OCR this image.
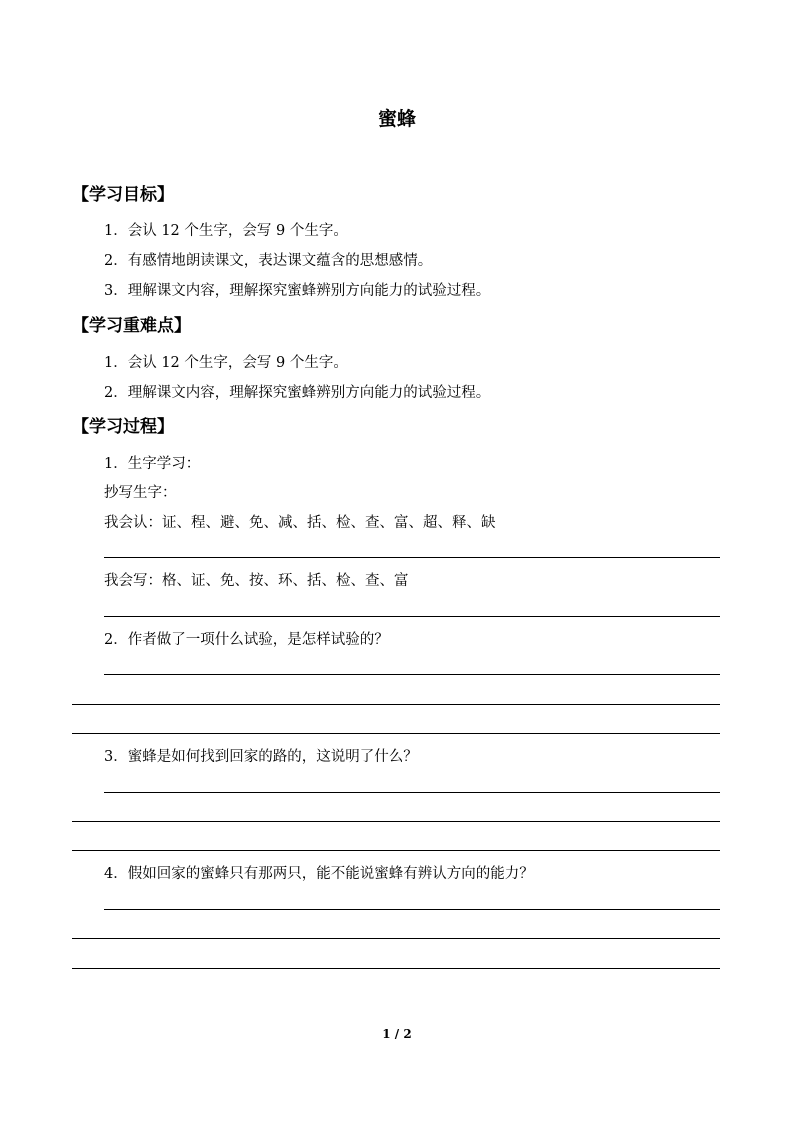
蜜蜂
【学习目标】
1．会认 12 个生字，会写 9 个生字。
2．有感情地朗读课文，表达课文蕴含的思想感情。
3．理解课文内容，理解探究蜜蜂辨别方向能力的试验过程。
【学习重难点】
1．会认 12 个生字，会写 9 个生字。
2．理解课文内容，理解探究蜜蜂辨别方向能力的试验过程。
【学习过程】
1．生字学习：
抄写生字：
我会认：证、程、避、免、减、括、检、查、富、超、释、缺
我会写：格、证、免、按、环、括、检、查、富
2．作者做了一项什么试验，是怎样试验的？
3．蜜蜂是如何找到回家的路的，这说明了什么？
4．假如回家的蜜蜂只有那两只，能不能说蜜蜂有辨认方向的能力？
1 / 2
